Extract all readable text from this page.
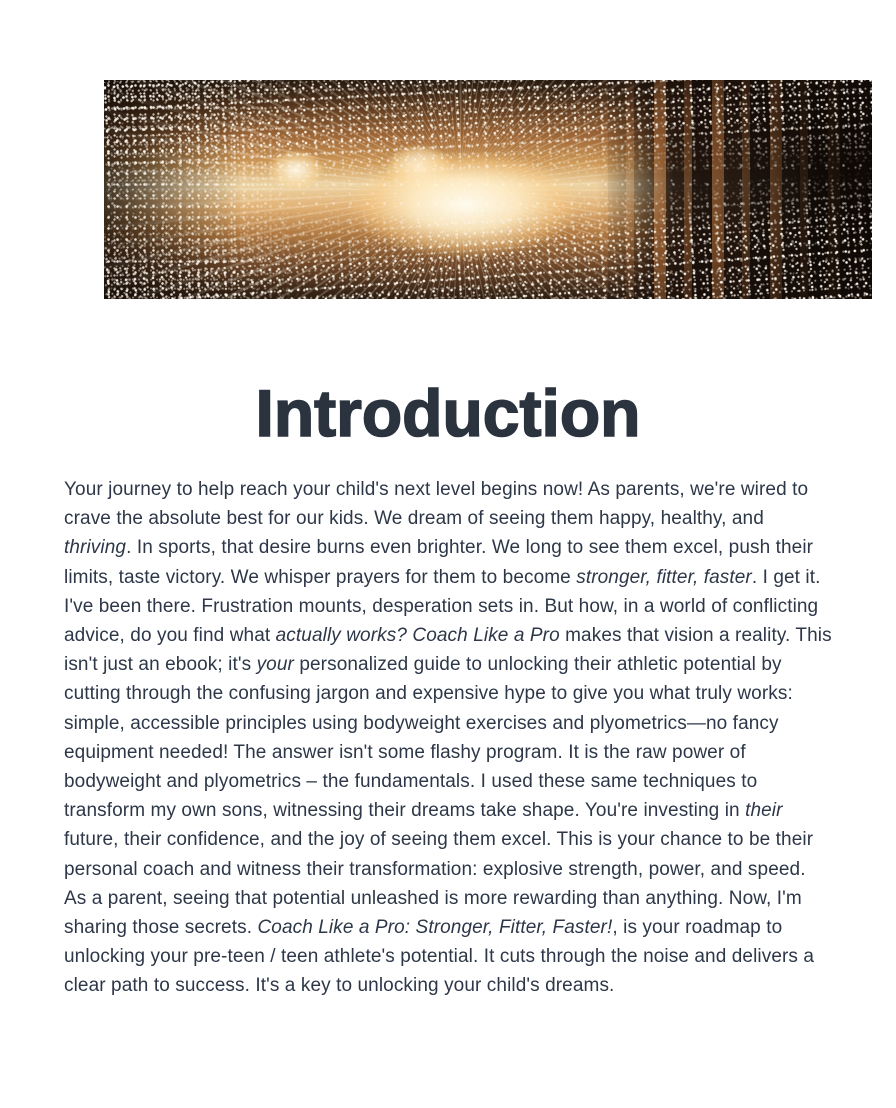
Introduction

Your journey to help reach your child's next level begins now! As parents, we're wired to crave the absolute best for our kids. We dream of seeing them happy, healthy, and thriving. In sports, that desire burns even brighter. We long to see them excel, push their limits, taste victory. We whisper prayers for them to become stronger, fitter, faster. I get it. I've been there. Frustration mounts, desperation sets in. But how, in a world of conflicting advice, do you find what actually works? Coach Like a Pro makes that vision a reality. This isn't just an ebook; it's your personalized guide to unlocking their athletic potential by cutting through the confusing jargon and expensive hype to give you what truly works: simple, accessible principles using bodyweight exercises and plyometrics—no fancy equipment needed! The answer isn't some flashy program. It is the raw power of bodyweight and plyometrics – the fundamentals. I used these same techniques to transform my own sons, witnessing their dreams take shape. You're investing in their future, their confidence, and the joy of seeing them excel. This is your chance to be their personal coach and witness their transformation: explosive strength, power, and speed. As a parent, seeing that potential unleashed is more rewarding than anything. Now, I'm sharing those secrets. Coach Like a Pro: Stronger, Fitter, Faster!, is your roadmap to unlocking your pre-teen / teen athlete's potential. It cuts through the noise and delivers a clear path to success. It's a key to unlocking your child's dreams.
